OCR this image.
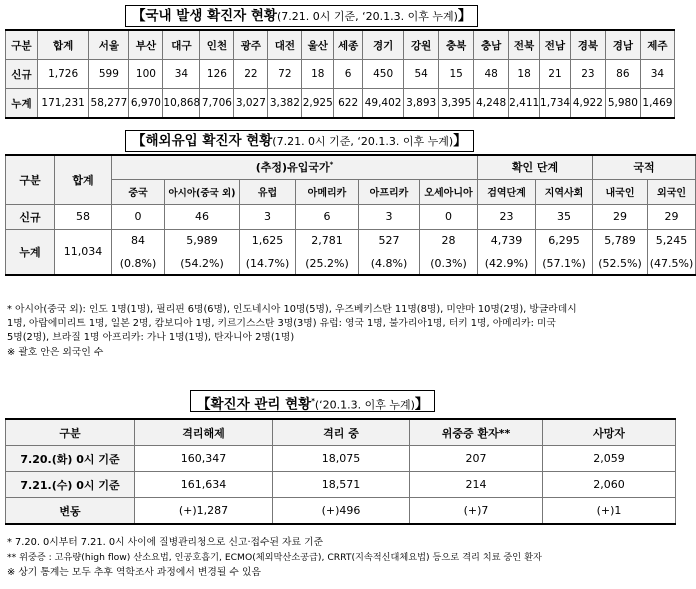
【국내 발생 확진자 현황(7.21. 0시 기준, ‘20.1.3. 이후 누계)】
구분	합계	서울	부산	대구	인천	광주	대전	울산	세종	경기	강원	충북	충남	전북	전남	경북	경남	제주
신규	1,726	599	100	34	126	22	72	18	6	450	54	15	48	18	21	23	86	34
누계	171,231	58,277	6,970	10,868	7,706	3,027	3,382	2,925	622	49,402	3,893	3,395	4,248	2,411	1,734	4,922	5,980	1,469
【해외유입 확진자 현황(7.21. 0시 기준, ‘20.1.3. 이후 누계)】
구분	합계	(추정)유입국가*						확인 단계		국적	
		중국	아시아(중국 외)	유럽	아메리카	아프리카	오세아니아	검역단계	지역사회	내국인	외국인
신규	58	0	46	3	6	3	0	23	35	29	29
누계	11,034	84	5,989	1,625	2,781	527	28	4,739	6,295	5,789	5,245
		(0.8%)	(54.2%)	(14.7%)	(25.2%)	(4.8%)	(0.3%)	(42.9%)	(57.1%)	(52.5%)	(47.5%)
* 아시아(중국 외): 인도 1명(1명), 필리핀 6명(6명), 인도네시아 10명(5명), 우즈베키스탄 11명(8명), 미얀마 10명(2명), 방글라데시
1명, 아랍에미리트 1명, 일본 2명, 캄보디아 1명, 키르기스스탄 3명(3명) 유럽: 영국 1명, 불가리아1명, 터키 1명, 아메리카: 미국
5명(2명), 브라질 1명 아프리카: 가나 1명(1명), 탄자니아 2명(1명)
※ 괄호 안은 외국인 수
【확진자 관리 현황*(‘20.1.3. 이후 누계)】
구분	격리해제	격리 중	위중증 환자**	사망자
7.20.(화) 0시 기준	160,347	18,075	207	2,059
7.21.(수) 0시 기준	161,634	18,571	214	2,060
변동	(+)1,287	(+)496	(+)7	(+)1
* 7.20. 0시부터 7.21. 0시 사이에 질병관리청으로 신고·접수된 자료 기준
** 위중증 : 고유량(high flow) 산소요법, 인공호흡기, ECMO(체외막산소공급), CRRT(지속적신대체요법) 등으로 격리 치료 중인 환자
※ 상기 통계는 모두 추후 역학조사 과정에서 변경될 수 있음
